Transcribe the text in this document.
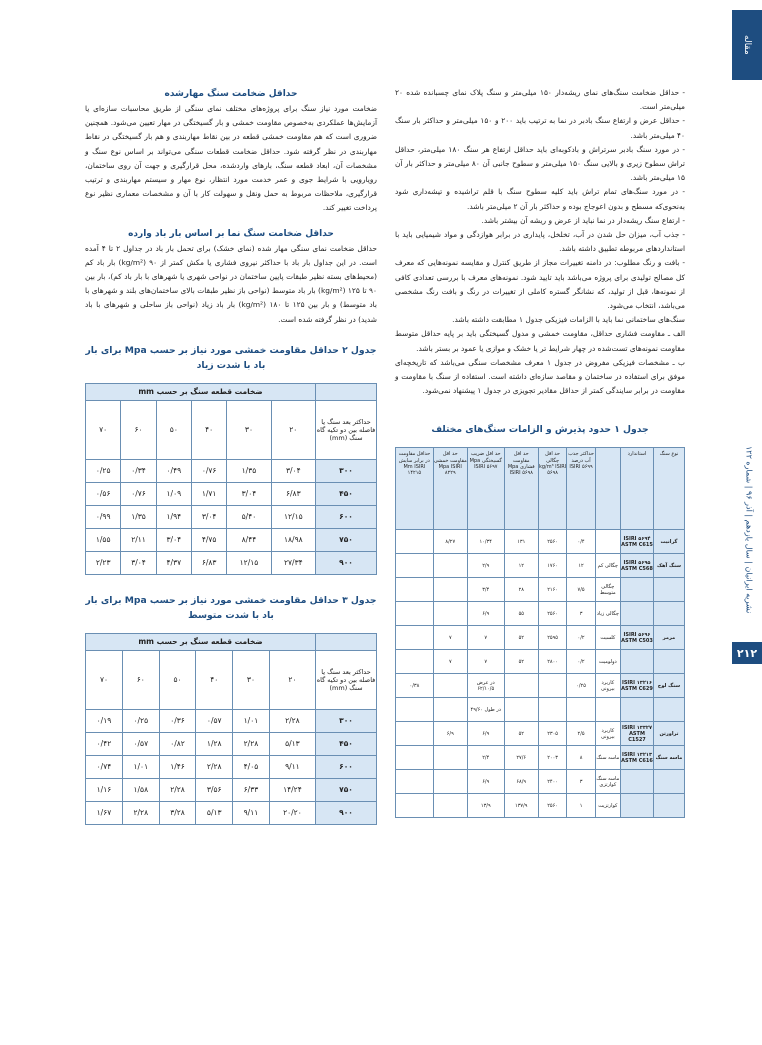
مقاله
نشریه ایرانیان | سال یازدهم | آذر ۹۶ | شماره ۱۲۲
۲۱۲

- حداقل ضخامت سنگ‌های نمای ریشه‌دار ۱۵۰ میلی‌متر و سنگ پلاک نمای چسبانده شده ۲۰ میلی‌متر است.

- حداقل عرض و ارتفاع سنگ بادبر در نما به ترتیب باید ۲۰۰ و ۱۵۰ میلی‌متر و حداکثر بار سنگ ۴۰ میلی‌متر باشد.

- در مورد سنگ بادبر سرتراش و بادکوبه‌ای باید حداقل ارتفاع هر سنگ ۱۸۰ میلی‌متر، حداقل تراش سطوح زیری و بالایی سنگ ۱۵۰ میلی‌متر و سطوح جانبی آن ۸۰ میلی‌متر و حداکثر بار آن ۱۵ میلی‌متر باشد.

- در مورد سنگ‌های تمام تراش باید کلیه سطوح سنگ با قلم تراشیده و تیشه‌داری شود به‌نحوی‌که مسطح و بدون اعوجاج بوده و حداکثر بار آن ۲ میلی‌متر باشد.

- ارتفاع سنگ ریشه‌دار در نما نباید از عرض و ریشه آن بیشتر باشد.

- جذب آب، میزان حل شدن در آب، تخلخل، پایداری در برابر هوازدگی و مواد شیمیایی باید با استانداردهای مربوطه تطبیق داشته باشد.

- بافت و رنگ مطلوب: در دامنه تغییرات مجاز از طریق کنترل و مقایسه نمونه‌هایی که معرف کل مصالح تولیدی برای پروژه می‌باشد باید تایید شود. نمونه‌های معرف با بررسی تعدادی کافی از نمونه‌ها، قبل از تولید، که نشانگر گستره کاملی از تغییرات در رنگ و بافت رنگ مشخصی می‌باشد، انتخاب می‌شود.

سنگ‌های ساختمانی نما باید با الزامات فیزیکی جدول ۱ مطابقت داشته باشد.

الف ـ مقاومت فشاری حداقل، مقاومت خمشی و مدول گسیختگی باید بر پایه حداقل متوسط مقاومت نمونه‌های تست‌شده در چهار شرایط تر یا خشک و موازی یا عمود بر بستر باشد.

ب ـ مشخصات فیزیکی مفروض در جدول ۱ معرف مشخصات سنگی می‌باشد که تاریخچه‌ای موفق برای استفاده در ساختمان و مقاصد سازه‌ای داشته است. استفاده از سنگ با مقاومت و مقاومت در برابر سایندگی کمتر از حداقل مقادیر تجویزی در جدول ۱ پیشنهاد نمی‌شود.

جدول ۱ حدود پذیرش و الزامات سنگ‌های مختلف
نوع سنگ	استاندارد		حداکثر جذب آب درصد ISIRI ۵۶۹۹	حد اقل چگالی kg/m³ ISIRI ۵۶۹۸	حد اقل مقاومت فشاری Mpa ISIRI ۵۶۹۸	حد اقل ضریب گسیختگی Mpa ISIRI ۵۶۹۷	حد اقل مقاومت خمشی Mpa ISIRI ۸۲۲۹	حداقل مقاومت در برابر سایش Mm ISIRI ۱۴۲۱۵
گرانیت	ISIRI ۵۶۹۴ ASTM C615		۰/۴	۲۵۶۰	۱۳۱	۱۰/۳۴	۸/۲۷	
سنگ آهک	ISIRI ۵۶۹۵ ASTM C568	چگالی کم	۱۲	۱۷۶۰	۱۲	۲/۹		
		چگالی متوسط	۷/۵	۲۱۶۰	۲۸	۳/۴		
		چگالی زیاد	۳	۲۵۶۰	۵۵	۶/۹		
مرمر	ISIRI ۵۶۹۶ ASTM C503	کلسیت	۰/۲	۲۵۹۵	۵۲	۷	۷	
		دولومیت	۰/۲	۲۸۰۰	۵۲	۷	۷	
سنگ لوح	ISIRI ۱۳۲۱۶ ASTM C629	کاربرد بیرونی	۰/۲۵			در عرض ۶۲/۱۰/۵		۰/۳۸
						در طول ۴۹/۶۰		
تراورتن	ISIRI ۱۳۳۲۷ ASTM C1527	کاربرد بیرونی	۲/۵	۲۳۰۵	۵۲	۶/۹	۶/۹	
ماسه سنگ	ISIRI ۱۳۲۱۳ ASTM C616	ماسه سنگ	۸	۲۰۰۳	۲۷/۶	۲/۴		
		ماسه سنگ کوارتزی	۳	۲۴۰۰	۶۸/۹	۶/۹		
		کوارتزیت	۱	۲۵۶۰	۱۳۷/۹	۱۳/۹		
حداقل ضخامت سنگ مهارشده

ضخامت مورد نیاز سنگ برای پروژه‌های مختلف نمای سنگی از طریق محاسبات سازه‌ای یا آزمایش‌ها عملکردی به‌خصوص مقاومت خمشی و بار گسیختگی در مهار تعیین می‌شود. همچنین ضروری است که هم مقاومت خمشی قطعه در بین نقاط مهاربندی و هم بار گسیختگی در نقاط مهاربندی در نظر گرفته شود. حداقل ضخامت قطعات سنگی می‌تواند بر اساس نوع سنگ و مشخصات آن، ابعاد قطعه سنگ، بارهای واردشده، محل قرارگیری و جهت آن روی ساختمان، رویارویی با شرایط جوی و عمر خدمت مورد انتظار، نوع مهار و سیستم مهاربندی و ترتیب قرارگیری، ملاحظات مربوط به حمل ونقل و سهولت کار با آن و مشخصات معماری نظیر نوع پرداخت تغییر کند.

حداقل ضخامت سنگ نما بر اساس بار باد وارده

حداقل ضخامت نمای سنگی مهار شده (نمای خشک) برای تحمل بار باد در جداول ۲ تا ۴ آمده است. در این جداول بار باد با حداکثر نیروی فشاری یا مکش کمتر از ۹۰ (kg/m²) بار باد کم (محیط‌های بسته نظیر طبقات پایین ساختمان در نواحی شهری یا شهرهای با بار باد کم)، بار بین ۹۰ تا ۱۲۵ (kg/m²) بار باد متوسط (نواحی باز نظیر طبقات بالای ساختمان‌های بلند و شهرهای با باد متوسط) و بار بین ۱۲۵ تا ۱۸۰ (kg/m²) بار باد زیاد (نواحی باز ساحلی و شهرهای با باد شدید) در نظر گرفته شده است.

جدول ۲ حداقل مقاومت خمشی مورد نیاز بر حسب Mpa برای بار باد با شدت زیاد
	ضخامت قطعه سنگ بر حسب mm					
حداکثر بعد سنگ یا فاصله بین دو تکیه گاه سنگ (mm)	۲۰	۳۰	۴۰	۵۰	۶۰	۷۰
۳۰۰	۳/۰۴	۱/۳۵	۰/۷۶	۰/۴۹	۰/۳۴	۰/۲۵
۴۵۰	۶/۸۳	۳/۰۴	۱/۷۱	۱/۰۹	۰/۷۶	۰/۵۶
۶۰۰	۱۲/۱۵	۵/۴۰	۳/۰۴	۱/۹۴	۱/۳۵	۰/۹۹
۷۵۰	۱۸/۹۸	۸/۴۴	۴/۷۵	۳/۰۴	۲/۱۱	۱/۵۵
۹۰۰	۲۷/۳۴	۱۲/۱۵	۶/۸۳	۴/۳۷	۳/۰۴	۲/۲۳
جدول ۳ حداقل مقاومت خمشی مورد نیاز بر حسب Mpa برای بار باد با شدت متوسط
	ضخامت قطعه سنگ بر حسب mm					
حداکثر بعد سنگ یا فاصله بین دو تکیه گاه سنگ (mm)	۲۰	۳۰	۴۰	۵۰	۶۰	۷۰
۳۰۰	۲/۲۸	۱/۰۱	۰/۵۷	۰/۳۶	۰/۲۵	۰/۱۹
۴۵۰	۵/۱۳	۲/۲۸	۱/۲۸	۰/۸۲	۰/۵۷	۰/۴۲
۶۰۰	۹/۱۱	۴/۰۵	۲/۲۸	۱/۴۶	۱/۰۱	۰/۷۴
۷۵۰	۱۴/۲۴	۶/۳۳	۳/۵۶	۲/۲۸	۱/۵۸	۱/۱۶
۹۰۰	۲۰/۲۰	۹/۱۱	۵/۱۳	۳/۲۸	۲/۲۸	۱/۶۷
